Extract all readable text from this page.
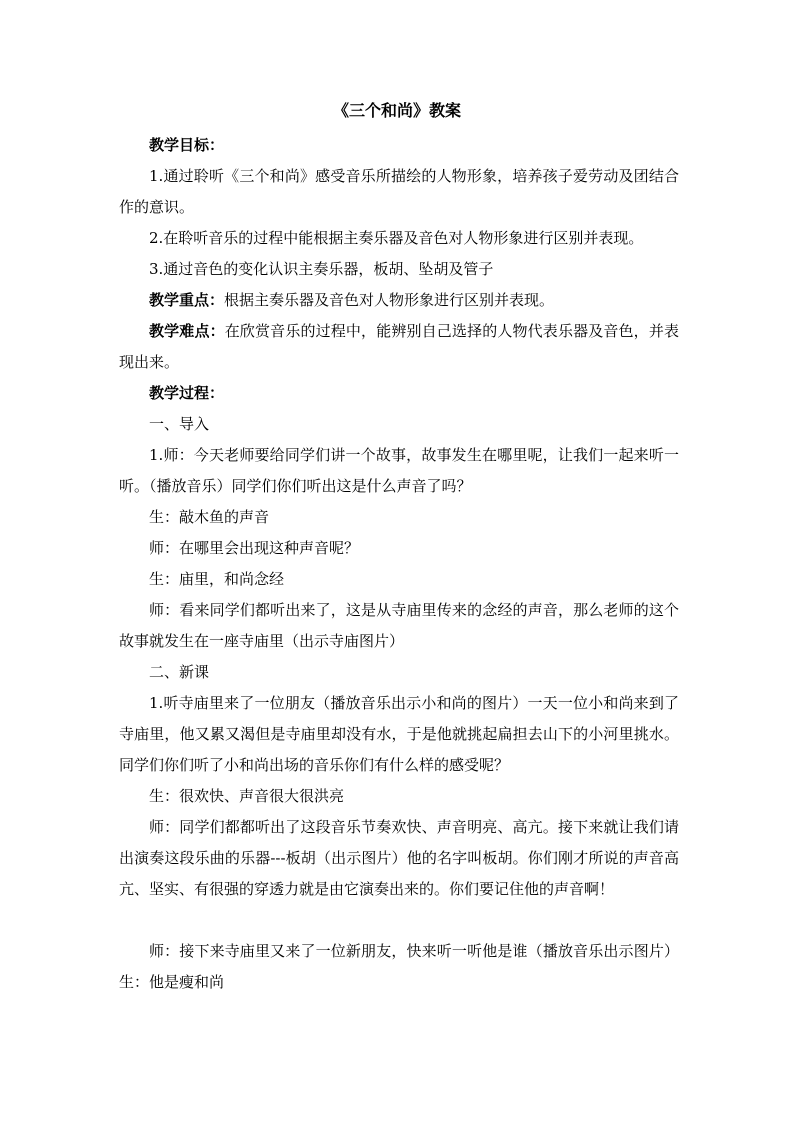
《三个和尚》教案
教学目标：
1.通过聆听《三个和尚》感受音乐所描绘的人物形象，培养孩子爱劳动及团结合作的意识。
2.在聆听音乐的过程中能根据主奏乐器及音色对人物形象进行区别并表现。
3.通过音色的变化认识主奏乐器，板胡、坠胡及管子
教学重点：根据主奏乐器及音色对人物形象进行区别并表现。
教学难点：在欣赏音乐的过程中，能辨别自己选择的人物代表乐器及音色，并表现出来。
教学过程：
一、导入
1.师：今天老师要给同学们讲一个故事，故事发生在哪里呢，让我们一起来听一听。（播放音乐）同学们你们听出这是什么声音了吗？
生：敲木鱼的声音
师：在哪里会出现这种声音呢？
生：庙里，和尚念经
师：看来同学们都听出来了，这是从寺庙里传来的念经的声音，那么老师的这个故事就发生在一座寺庙里（出示寺庙图片）
二、新课
1.听寺庙里来了一位朋友（播放音乐出示小和尚的图片）一天一位小和尚来到了寺庙里，他又累又渴但是寺庙里却没有水，于是他就挑起扁担去山下的小河里挑水。同学们你们听了小和尚出场的音乐你们有什么样的感受呢？
生：很欢快、声音很大很洪亮
师：同学们都都听出了这段音乐节奏欢快、声音明亮、高亢。接下来就让我们请出演奏这段乐曲的乐器---板胡（出示图片）他的名字叫板胡。你们刚才所说的声音高亢、坚实、有很强的穿透力就是由它演奏出来的。你们要记住他的声音啊！
师：接下来寺庙里又来了一位新朋友，快来听一听他是谁（播放音乐出示图片） 生：他是瘦和尚
